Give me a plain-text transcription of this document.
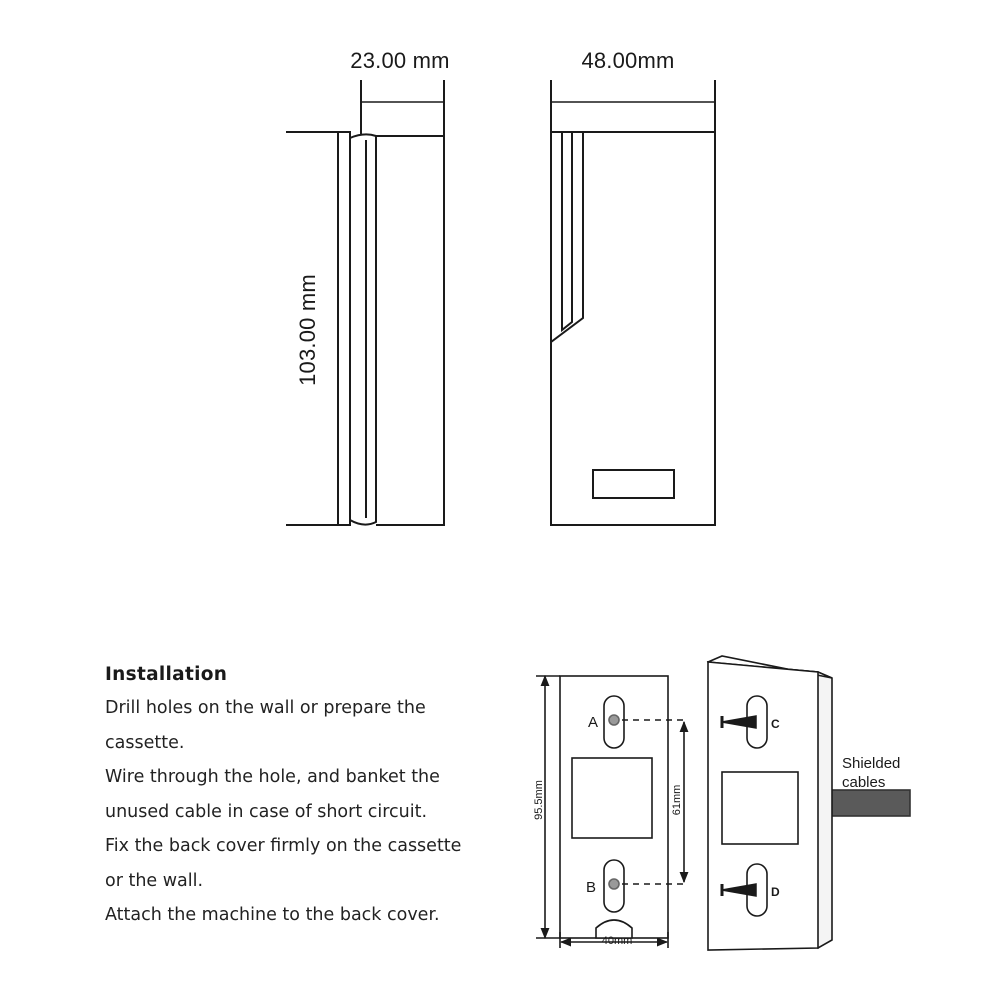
23.00 mm	48.00mm
103.00 mm
A
B
95.5mm	61mm
40mm
C
D
Shielded
cables
Installation

Drill holes on the wall or prepare the

cassette.

Wire through the hole, and banket the

unused cable in case of short circuit.

Fix the back cover firmly on the cassette

or the wall.

Attach the machine to the back cover.
